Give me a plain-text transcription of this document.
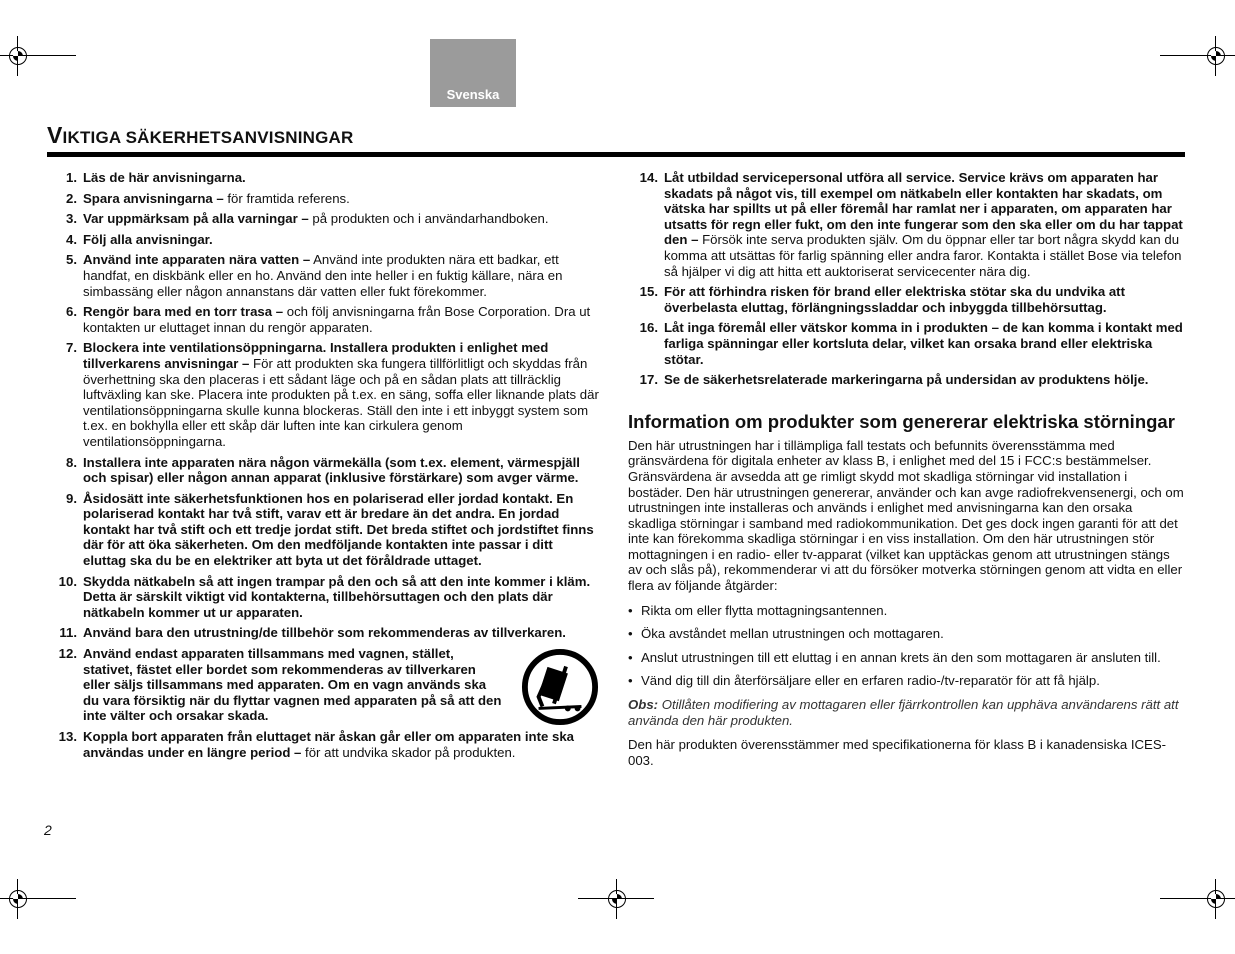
Svenska
VIKTIGA SÄKERHETSANVISNINGAR
1. Läs de här anvisningarna.
2. Spara anvisningarna – för framtida referens.
3. Var uppmärksam på alla varningar – på produkten och i användarhandboken.
4. Följ alla anvisningar.
5. Använd inte apparaten nära vatten – Använd inte produkten nära ett badkar, ett handfat, en diskbänk eller en ho. Använd den inte heller i en fuktig källare, nära en simbassäng eller någon annanstans där vatten eller fukt förekommer.
6. Rengör bara med en torr trasa – och följ anvisningarna från Bose Corporation. Dra ut kontakten ur eluttaget innan du rengör apparaten.
7. Blockera inte ventilationsöppningarna. Installera produkten i enlighet med tillverkarens anvisningar – För att produkten ska fungera tillförlitligt och skyddas från överhettning ska den placeras i ett sådant läge och på en sådan plats att tillräcklig luftväxling kan ske. Placera inte produkten på t.ex. en säng, soffa eller liknande plats där ventilationsöppningarna skulle kunna blockeras. Ställ den inte i ett inbyggt system som t.ex. en bokhylla eller ett skåp där luften inte kan cirkulera genom ventilationsöppningarna.
8. Installera inte apparaten nära någon värmekälla (som t.ex. element, värmespjäll och spisar) eller någon annan apparat (inklusive förstärkare) som avger värme.
9. Åsidosätt inte säkerhetsfunktionen hos en polariserad eller jordad kontakt. En polariserad kontakt har två stift, varav ett är bredare än det andra. En jordad kontakt har två stift och ett tredje jordat stift. Det breda stiftet och jordstiftet finns där för att öka säkerheten. Om den medföljande kontakten inte passar i ditt eluttag ska du be en elektriker att byta ut det föråldrade uttaget.
10. Skydda nätkabeln så att ingen trampar på den och så att den inte kommer i kläm. Detta är särskilt viktigt vid kontakterna, tillbehörsuttagen och den plats där nätkabeln kommer ut ur apparaten.
11. Använd bara den utrustning/de tillbehör som rekommenderas av tillverkaren.
12. Använd endast apparaten tillsammans med vagnen, stället, stativet, fästet eller bordet som rekommenderas av tillverkaren eller säljs tillsammans med apparaten. Om en vagn används ska du vara försiktig när du flyttar vagnen med apparaten på så att den inte välter och orsakar skada.
13. Koppla bort apparaten från eluttaget när åskan går eller om apparaten inte ska användas under en längre period – för att undvika skador på produkten.
14. Låt utbildad servicepersonal utföra all service. Service krävs om apparaten har skadats på något vis, till exempel om nätkabeln eller kontakten har skadats, om vätska har spillts ut på eller föremål har ramlat ner i apparaten, om apparaten har utsatts för regn eller fukt, om den inte fungerar som den ska eller om du har tappat den – Försök inte serva produkten själv. Om du öppnar eller tar bort några skydd kan du komma att utsättas för farlig spänning eller andra faror. Kontakta i stället Bose via telefon så hjälper vi dig att hitta ett auktoriserat servicecenter nära dig.
15. För att förhindra risken för brand eller elektriska stötar ska du undvika att överbelasta eluttag, förlängningssladdar och inbyggda tillbehörsuttag.
16. Låt inga föremål eller vätskor komma in i produkten – de kan komma i kontakt med farliga spänningar eller kortsluta delar, vilket kan orsaka brand eller elektriska stötar.
17. Se de säkerhetsrelaterade markeringarna på undersidan av produktens hölje.
Information om produkter som genererar elektriska störningar

Den här utrustningen har i tillämpliga fall testats och befunnits överensstämma med gränsvärdena för digitala enheter av klass B, i enlighet med del 15 i FCC:s bestämmelser. Gränsvärdena är avsedda att ge rimligt skydd mot skadliga störningar vid installation i bostäder. Den här utrustningen genererar, använder och kan avge radiofrekvensenergi, och om utrustningen inte installeras och används i enlighet med anvisningarna kan den orsaka skadliga störningar i samband med radiokommunikation. Det ges dock ingen garanti för att det inte kan förekomma skadliga störningar i en viss installation. Om den här utrustningen stör mottagningen i en radio- eller tv-apparat (vilket kan upptäckas genom att utrustningen stängs av och slås på), rekommenderar vi att du försöker motverka störningen genom att vidta en eller flera av följande åtgärder:

• Rikta om eller flytta mottagningsantennen.
• Öka avståndet mellan utrustningen och mottagaren.
• Anslut utrustningen till ett eluttag i en annan krets än den som mottagaren är ansluten till.
• Vänd dig till din återförsäljare eller en erfaren radio-/tv-reparatör för att få hjälp.

Obs: Otillåten modifiering av mottagaren eller fjärrkontrollen kan upphäva användarens rätt att använda den här produkten.

Den här produkten överensstämmer med specifikationerna för klass B i kanadensiska ICES-003.

2
